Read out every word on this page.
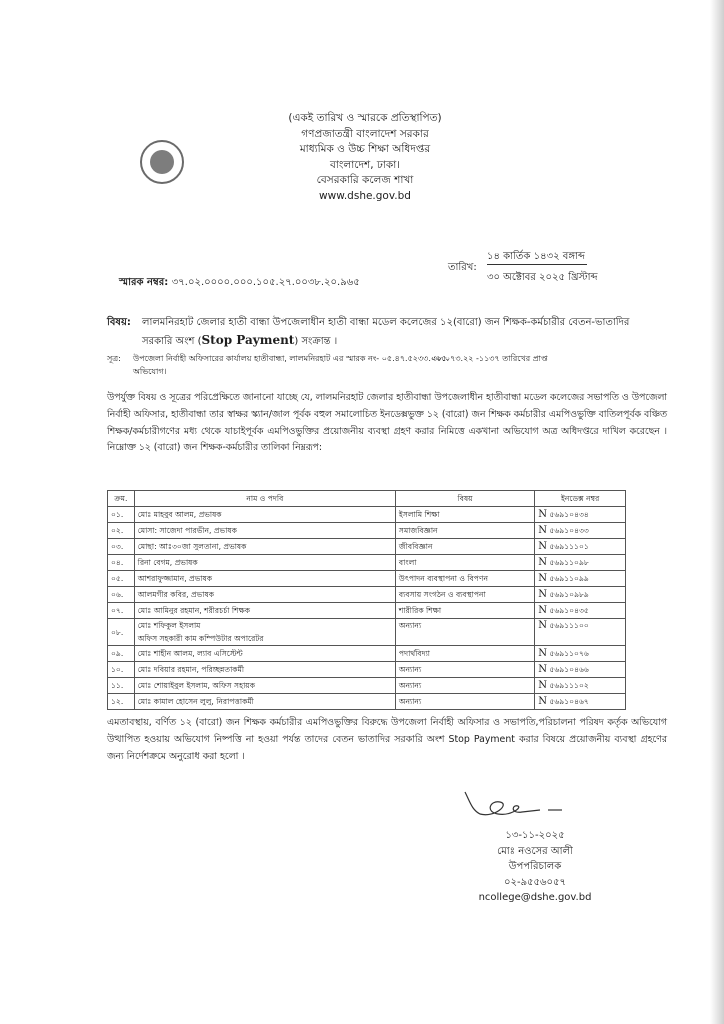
(একই তারিখ ও স্মারকে প্রতিস্থাপিত)
গণপ্রজাতন্ত্রী বাংলাদেশ সরকার
মাধ্যমিক ও উচ্চ শিক্ষা অধিদপ্তর
বাংলাদেশ, ঢাকা।
বেসরকারি কলেজ শাখা
www.dshe.gov.bd
স্মারক নম্বর: ৩৭.০২.০০০০.০০০.১০৫.২৭.০০৩৮.২০.৯৬৫
তারিখ:
১৪ কার্তিক ১৪৩২ বঙ্গাব্দ
৩০ অক্টোবর ২০২৫ খ্রিস্টাব্দ
বিষয়: লালমনিরহাট জেলার হাতী বান্ধা উপজেলাধীন হাতী বান্ধা মডেল কলেজের ১২(বারো) জন শিক্ষক-কর্মচারীর বেতন-ভাতাদির
সরকারি অংশ (Stop Payment) সংক্রান্ত ।
সূত্র: উপজেলা নির্বাহী অফিসারের কার্যালয় হাতীবান্ধা, লালমনিরহাট এর স্মারক নং- ০৫.৪৭.৫২৩৩.০০৫.
৩৮.০৭৩.২২ -১১৩৭ তারিখের প্রাপ্ত
অভিযোগ।
উপর্যুক্ত বিষয় ও সূত্রের পরিপ্রেক্ষিতে জানানো যাচ্ছে যে, লালমনিরহাট জেলার হাতীবান্ধা উপজেলাধীন হাতীবান্ধা মডেল কলেজের সভাপতি ও উপজেলা নির্বাহী অফিসার, হাতীবান্ধা তার স্বাক্ষর স্ক্যান/জাল পূর্বক বহুল সমালোচিত ইনডেক্সভুক্ত ১২ (বারো) জন শিক্ষক কর্মচারীর এমপিওভুক্তি বাতিলপূর্বক বঞ্চিত শিক্ষক/কর্মচারীগণের মধ্য থেকে যাচাইপূর্বক এমপিওভুক্তির প্রয়োজনীয় ব্যবস্থা গ্রহণ করার নিমিত্তে একখানা অভিযোগ অত্র অধিদপ্তরে দাখিল করেছেন । নিম্নোক্ত ১২ (বারো) জন শিক্ষক-কর্মচারীর তালিকা নিম্নরূপ:
ক্রম.	নাম ও পদবি	বিষয়	ইনডেক্স নম্বর
০১.	মোঃ মাহবুব আলম, প্রভাষক	ইসলামি শিক্ষা	N ৫৬৯১০৪৩৪
০২.	মোসা: সাজেদা পারভীন, প্রভাষক	সমাজবিজ্ঞান	N ৫৬৯১০৪৩৩
০৩.	মোছা: আঃ৩০জা সুলতানা, প্রভাষক	জীববিজ্ঞান	N ৫৬৯১১১০১
০৪.	রিনা বেগম, প্রভাষক	বাংলা	N ৫৬৯১১০৯৮
০৫.	আশরাফুজ্জামান, প্রভাষক	উৎপাদন ব্যবস্থাপনা ও বিপণন	N ৫৬৯১১০৯৯
০৬.	আলমগীর কবির, প্রভাষক	ব্যবসায় সংগঠন ও ব্যবস্থাপনা	N ৫৬৯১০৯৮৯
০৭.	মোঃ আমিনুর রহমান, শরীরচর্চা শিক্ষক	শারীরিক শিক্ষা	N ৫৬৯১০৪৩৫
০৮.	মোঃ শফিকুল ইসলাম
অফিস সহকারী কাম কম্পিউটার অপারেটর	অন্যান্য	N ৫৬৯১১১০০
০৯.	মোঃ শাহীন আলম, ল্যাব এসিস্টেন্ট	পদার্থবিদ্যা	N ৫৬৯১১০৭৬
১০.	মোঃ দবিয়ার রহমান, পরিচ্ছন্নতাকর্মী	অন্যান্য	N ৫৬৯১০৪৬৬
১১.	মোঃ শোয়াইবুল ইসলাম, অফিস সহায়ক	অন্যান্য	N ৫৬৯১১১০২
১২.	মোঃ কামাল হোসেন লুলু, নিরাপত্তাকর্মী	অন্যান্য	N ৫৬৯১০৪৬৭
এমতাবস্থায়, বর্ণিত ১২ (বারো) জন শিক্ষক কর্মচারীর এমপিওভুক্তির বিরুদ্ধে উপজেলা নির্বাহী অফিসার ও সভাপতি,পরিচালনা পরিষদ কর্তৃক অভিযোগ উত্থাপিত হওয়ায় অভিযোগ নিষ্পত্তি না হওয়া পর্যন্ত তাদের বেতন ভাতাদির সরকারি অংশ Stop Payment করার বিষয়ে প্রয়োজনীয় ব্যবস্থা গ্রহণের জন্য নির্দেশক্রমে অনুরোধ করা হলো ।
১৩-১১-২০২৫
মোঃ নওসের আলী
উপপরিচালক
০২-৯৫৫৬০৫৭
ncollege@dshe.gov.bd
